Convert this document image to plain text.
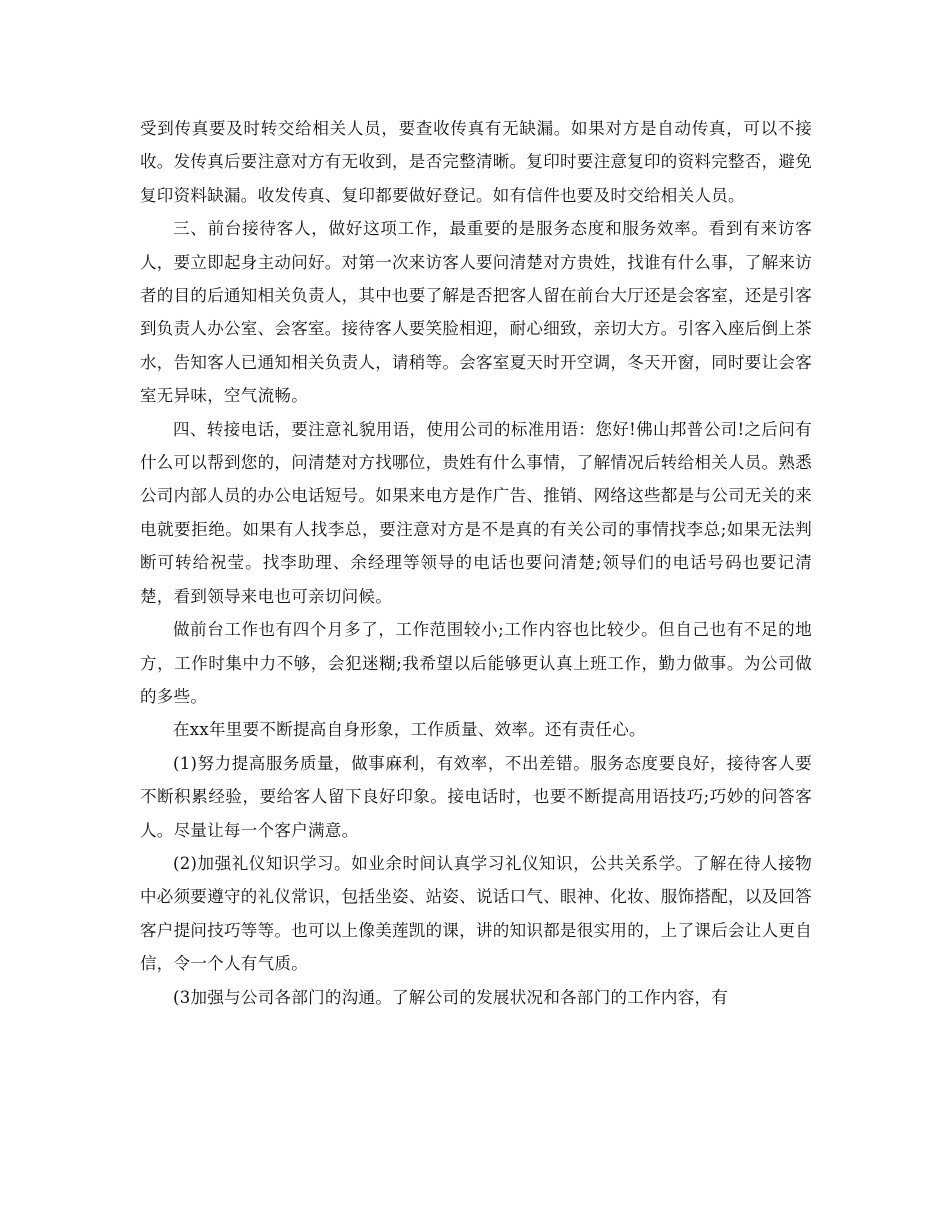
受到传真要及时转交给相关人员，要查收传真有无缺漏。如果对方是自动传真，可以不接收。发传真后要注意对方有无收到，是否完整清晰。复印时要注意复印的资料完整否，避免复印资料缺漏。收发传真、复印都要做好登记。如有信件也要及时交给相关人员。

三、前台接待客人，做好这项工作，最重要的是服务态度和服务效率。看到有来访客人，要立即起身主动问好。对第一次来访客人要问清楚对方贵姓，找谁有什么事，了解来访者的目的后通知相关负责人，其中也要了解是否把客人留在前台大厅还是会客室，还是引客到负责人办公室、会客室。接待客人要笑脸相迎，耐心细致，亲切大方。引客入座后倒上茶水，告知客人已通知相关负责人，请稍等。会客室夏天时开空调，冬天开窗，同时要让会客室无异味，空气流畅。

四、转接电话，要注意礼貌用语，使用公司的标准用语：您好!佛山邦普公司!之后问有什么可以帮到您的，问清楚对方找哪位，贵姓有什么事情，了解情况后转给相关人员。熟悉公司内部人员的办公电话短号。如果来电方是作广告、推销、网络这些都是与公司无关的来电就要拒绝。如果有人找李总，要注意对方是不是真的有关公司的事情找李总;如果无法判断可转给祝莹。找李助理、余经理等领导的电话也要问清楚;领导们的电话号码也要记清楚，看到领导来电也可亲切问候。

做前台工作也有四个月多了，工作范围较小;工作内容也比较少。但自己也有不足的地方，工作时集中力不够，会犯迷糊;我希望以后能够更认真上班工作，勤力做事。为公司做的多些。

在xx年里要不断提高自身形象，工作质量、效率。还有责任心。

(1)努力提高服务质量，做事麻利，有效率，不出差错。服务态度要良好，接待客人要不断积累经验，要给客人留下良好印象。接电话时，也要不断提高用语技巧;巧妙的问答客人。尽量让每一个客户满意。

(2)加强礼仪知识学习。如业余时间认真学习礼仪知识，公共关系学。了解在待人接物中必须要遵守的礼仪常识，包括坐姿、站姿、说话口气、眼神、化妆、服饰搭配，以及回答客户提问技巧等等。也可以上像美莲凯的课，讲的知识都是很实用的，上了课后会让人更自信，令一个人有气质。

(3加强与公司各部门的沟通。了解公司的发展状况和各部门的工作内容，有
